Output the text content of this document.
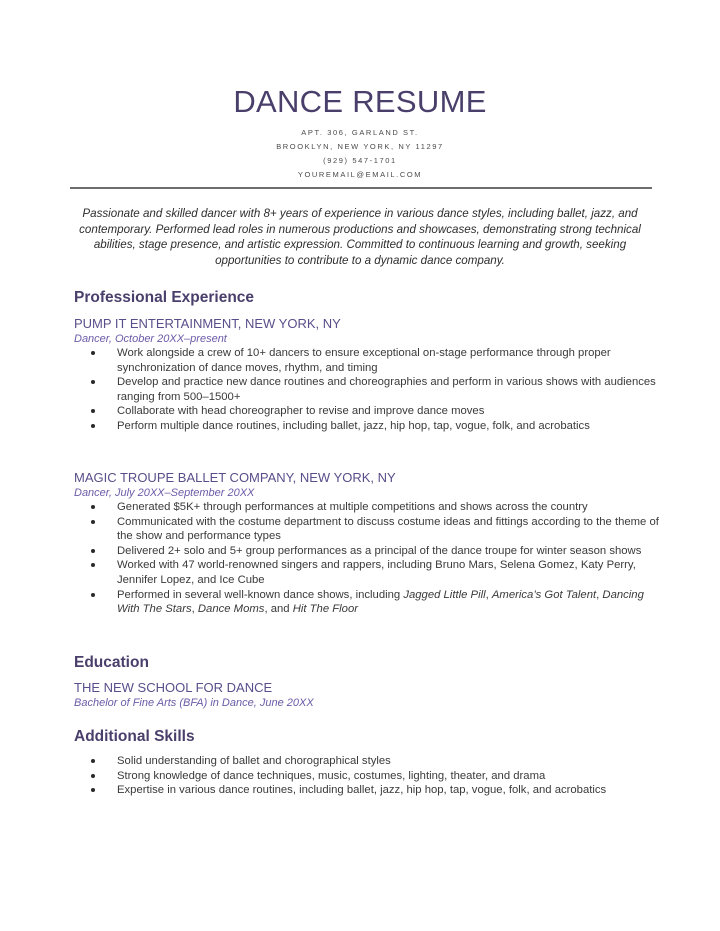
DANCE RESUME
APT. 306, GARLAND ST.
BROOKLYN, NEW YORK, NY 11297
(929) 547-1701
YOUREMAIL@EMAIL.COM
Passionate and skilled dancer with 8+ years of experience in various dance styles, including ballet, jazz, and contemporary. Performed lead roles in numerous productions and showcases, demonstrating strong technical abilities, stage presence, and artistic expression. Committed to continuous learning and growth, seeking opportunities to contribute to a dynamic dance company.
Professional Experience
PUMP IT ENTERTAINMENT, NEW YORK, NY
Dancer, October 20XX–present
Work alongside a crew of 10+ dancers to ensure exceptional on-stage performance through proper synchronization of dance moves, rhythm, and timing
Develop and practice new dance routines and choreographies and perform in various shows with audiences ranging from 500–1500+
Collaborate with head choreographer to revise and improve dance moves
Perform multiple dance routines, including ballet, jazz, hip hop, tap, vogue, folk, and acrobatics
MAGIC TROUPE BALLET COMPANY, NEW YORK, NY
Dancer, July 20XX–September 20XX
Generated $5K+ through performances at multiple competitions and shows across the country
Communicated with the costume department to discuss costume ideas and fittings according to the theme of the show and performance types
Delivered 2+ solo and 5+ group performances as a principal of the dance troupe for winter season shows
Worked with 47 world-renowned singers and rappers, including Bruno Mars, Selena Gomez, Katy Perry, Jennifer Lopez, and Ice Cube
Performed in several well-known dance shows, including Jagged Little Pill, America’s Got Talent, Dancing With The Stars, Dance Moms, and Hit The Floor
Education
THE NEW SCHOOL FOR DANCE
Bachelor of Fine Arts (BFA) in Dance, June 20XX
Additional Skills
Solid understanding of ballet and chorographical styles
Strong knowledge of dance techniques, music, costumes, lighting, theater, and drama
Expertise in various dance routines, including ballet, jazz, hip hop, tap, vogue, folk, and acrobatics
